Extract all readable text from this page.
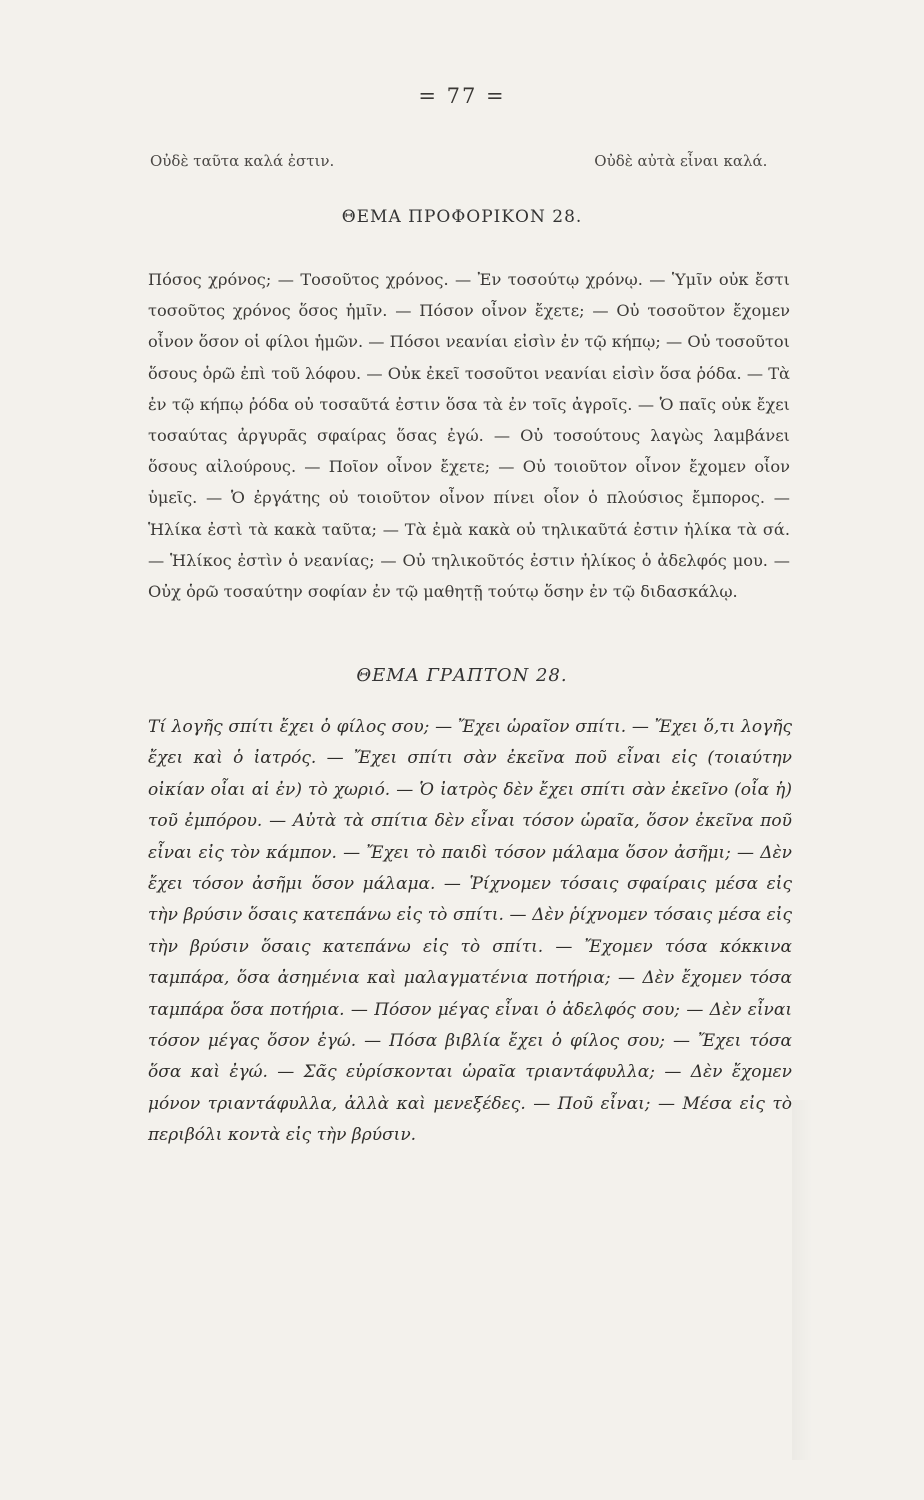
= 77 =
Οὐδὲ ταῦτα καλά ἐστιν.	Οὐδὲ αὐτὰ εἶναι καλά.
ΘΕΜΑ ΠΡΟΦΟΡΙΚΟΝ 28.
Πόσος χρόνος; — Τοσοῦτος χρόνος. — Ἐν τοσούτῳ χρόνῳ. — Ὑμῖν οὐκ ἔστι τοσοῦτος χρόνος ὅσος ἡμῖν. — Πόσον οἶνον ἔχετε; — Οὐ τοσοῦτον ἔχομεν οἶνον ὅσον οἱ φίλοι ἡμῶν. — Πόσοι νεανίαι εἰσὶν ἐν τῷ κήπῳ; — Οὐ τοσοῦτοι ὅσους ὁρῶ ἐπὶ τοῦ λόφου. — Οὐκ ἐκεῖ τοσοῦτοι νεανίαι εἰσὶν ὅσα ῥόδα. — Τὰ ἐν τῷ κήπῳ ῥόδα οὐ τοσαῦτά ἐστιν ὅσα τὰ ἐν τοῖς ἀγροῖς. — Ὁ παῖς οὐκ ἔχει τοσαύτας ἀργυρᾶς σφαίρας ὅσας ἐγώ. — Οὐ τοσούτους λαγὼς λαμβάνει ὅσους αἰλούρους. — Ποῖον οἶνον ἔχετε; — Οὐ τοιοῦτον οἶνον ἔχομεν οἷον ὑμεῖς. — Ὁ ἐργάτης οὐ τοιοῦτον οἶνον πίνει οἷον ὁ πλούσιος ἔμπορος. — Ἡλίκα ἐστὶ τὰ κακὰ ταῦτα; — Τὰ ἐμὰ κακὰ οὐ τηλικαῦτά ἐστιν ἡλίκα τὰ σά. — Ἡλίκος ἐστὶν ὁ νεανίας; — Οὐ τηλικοῦτός ἐστιν ἡλίκος ὁ ἀδελφός μου. — Οὐχ ὁρῶ τοσαύτην σοφίαν ἐν τῷ μαθητῇ τούτῳ ὅσην ἐν τῷ διδασκάλῳ.
ΘΕΜΑ ΓΡΑΠΤΟΝ 28.
Τί λογῆς σπίτι ἔχει ὁ φίλος σου; — Ἔχει ὡραῖον σπίτι. — Ἔχει ὅ,τι λογῆς ἔχει καὶ ὁ ἰατρός. — Ἔχει σπίτι σὰν ἐκεῖνα ποῦ εἶναι εἰς (τοιαύτην οἰκίαν οἷαι αἱ ἐν) τὸ χωριό. — Ὁ ἰατρὸς δὲν ἔχει σπίτι σὰν ἐκεῖνο (οἷα ἡ) τοῦ ἐμπόρου. — Αὐτὰ τὰ σπίτια δὲν εἶναι τόσον ὡραῖα, ὅσον ἐκεῖνα ποῦ εἶναι εἰς τὸν κάμπον. — Ἔχει τὸ παιδὶ τόσον μάλαμα ὅσον ἀσῆμι; — Δὲν ἔχει τόσον ἀσῆμι ὅσον μάλαμα. — Ῥίχνομεν τόσαις σφαίραις μέσα εἰς τὴν βρύσιν ὅσαις κατεπάνω εἰς τὸ σπίτι. — Δὲν ῥίχνομεν τόσαις μέσα εἰς τὴν βρύσιν ὅσαις κατεπάνω εἰς τὸ σπίτι. — Ἔχομεν τόσα κόκκινα ταμπάρα, ὅσα ἀσημένια καὶ μαλαγματένια ποτήρια; — Δὲν ἔχομεν τόσα ταμπάρα ὅσα ποτήρια. — Πόσον μέγας εἶναι ὁ ἀδελφός σου; — Δὲν εἶναι τόσον μέγας ὅσον ἐγώ. — Πόσα βιβλία ἔχει ὁ φίλος σου; — Ἔχει τόσα ὅσα καὶ ἐγώ. — Σᾶς εὑρίσκονται ὡραῖα τριαντάφυλλα; — Δὲν ἔχομεν μόνον τριαντάφυλλα, ἀλλὰ καὶ μενεξέδες. — Ποῦ εἶναι; — Μέσα εἰς τὸ περιβόλι κοντὰ εἰς τὴν βρύσιν.
